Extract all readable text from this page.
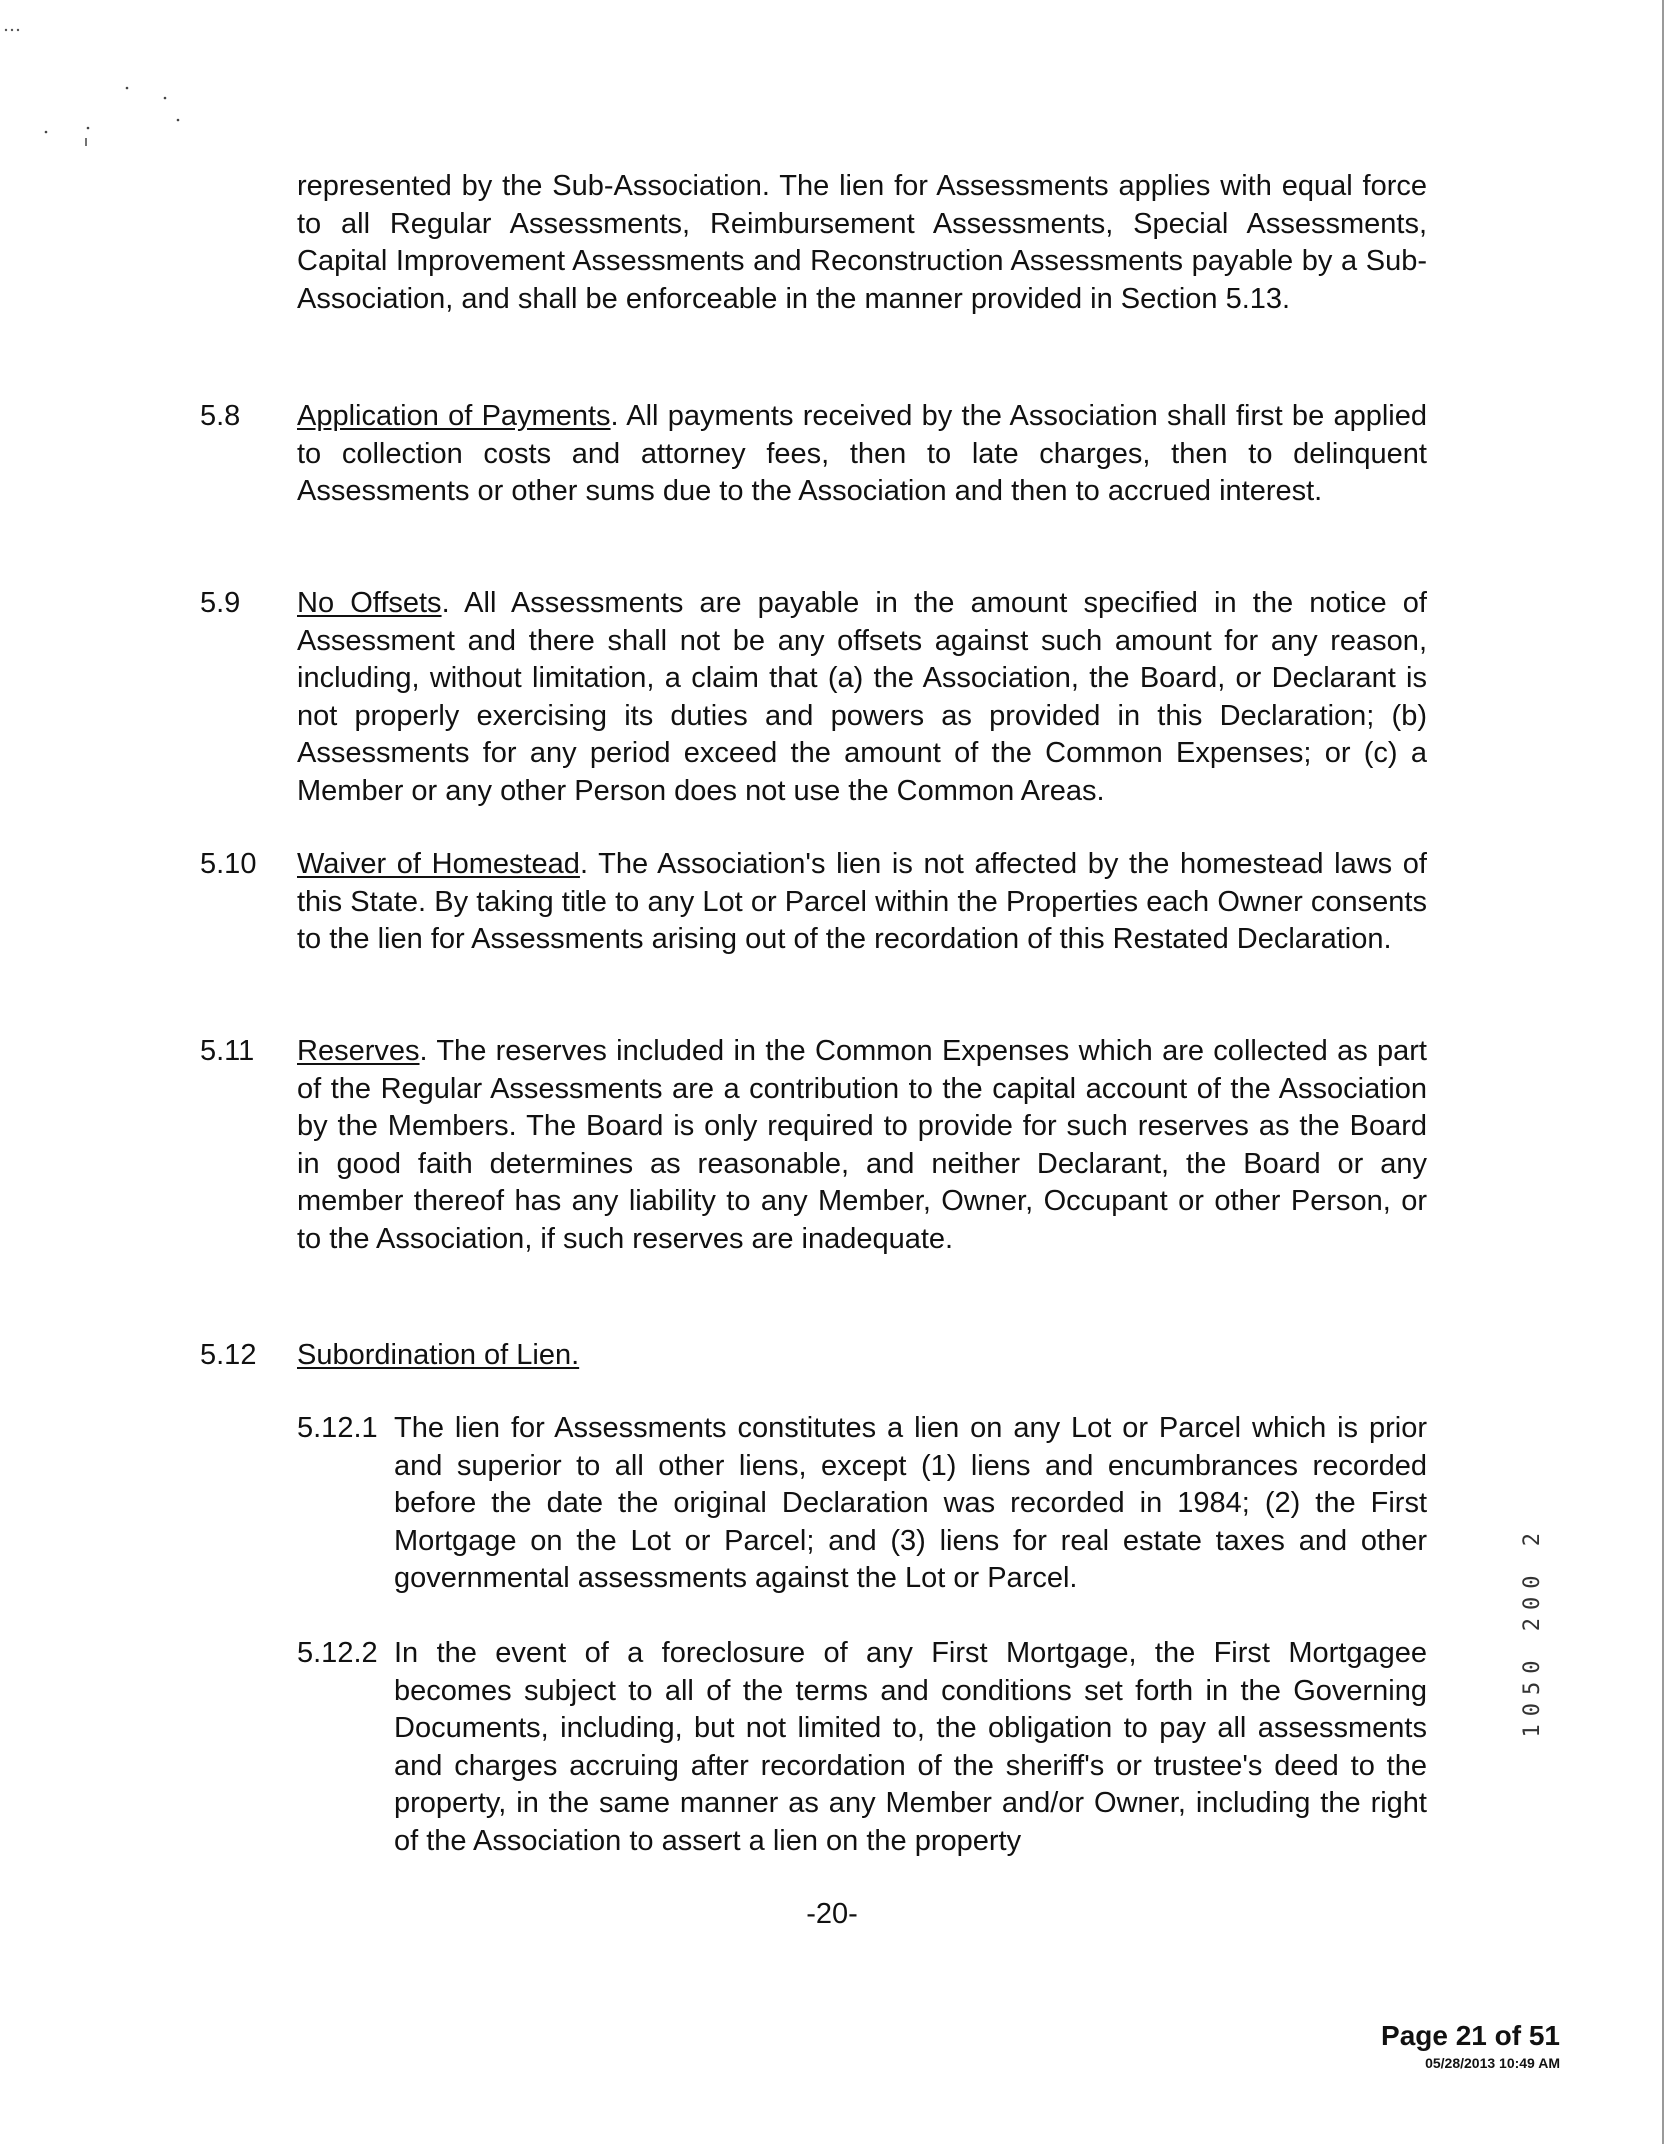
represented by the Sub-Association. The lien for Assessments applies with equal force to all Regular Assessments, Reimbursement Assessments, Special Assessments, Capital Improvement Assessments and Reconstruction Assessments payable by a Sub-Association, and shall be enforceable in the manner provided in Section 5.13.
5.8 Application of Payments. All payments received by the Association shall first be applied to collection costs and attorney fees, then to late charges, then to delinquent Assessments or other sums due to the Association and then to accrued interest.
5.9 No Offsets. All Assessments are payable in the amount specified in the notice of Assessment and there shall not be any offsets against such amount for any reason, including, without limitation, a claim that (a) the Association, the Board, or Declarant is not properly exercising its duties and powers as provided in this Declaration; (b) Assessments for any period exceed the amount of the Common Expenses; or (c) a Member or any other Person does not use the Common Areas.
5.10 Waiver of Homestead. The Association's lien is not affected by the homestead laws of this State. By taking title to any Lot or Parcel within the Properties each Owner consents to the lien for Assessments arising out of the recordation of this Restated Declaration.
5.11 Reserves. The reserves included in the Common Expenses which are collected as part of the Regular Assessments are a contribution to the capital account of the Association by the Members. The Board is only required to provide for such reserves as the Board in good faith determines as reasonable, and neither Declarant, the Board or any member thereof has any liability to any Member, Owner, Occupant or other Person, or to the Association, if such reserves are inadequate.
5.12 Subordination of Lien.
5.12.1 The lien for Assessments constitutes a lien on any Lot or Parcel which is prior and superior to all other liens, except (1) liens and encumbrances recorded before the date the original Declaration was recorded in 1984; (2) the First Mortgage on the Lot or Parcel; and (3) liens for real estate taxes and other governmental assessments against the Lot or Parcel.
5.12.2 In the event of a foreclosure of any First Mortgage, the First Mortgagee becomes subject to all of the terms and conditions set forth in the Governing Documents, including, but not limited to, the obligation to pay all assessments and charges accruing after recordation of the sheriff's or trustee's deed to the property, in the same manner as any Member and/or Owner, including the right of the Association to assert a lien on the property
-20-
1050 200 2
Page 21 of 51
05/28/2013 10:49 AM
